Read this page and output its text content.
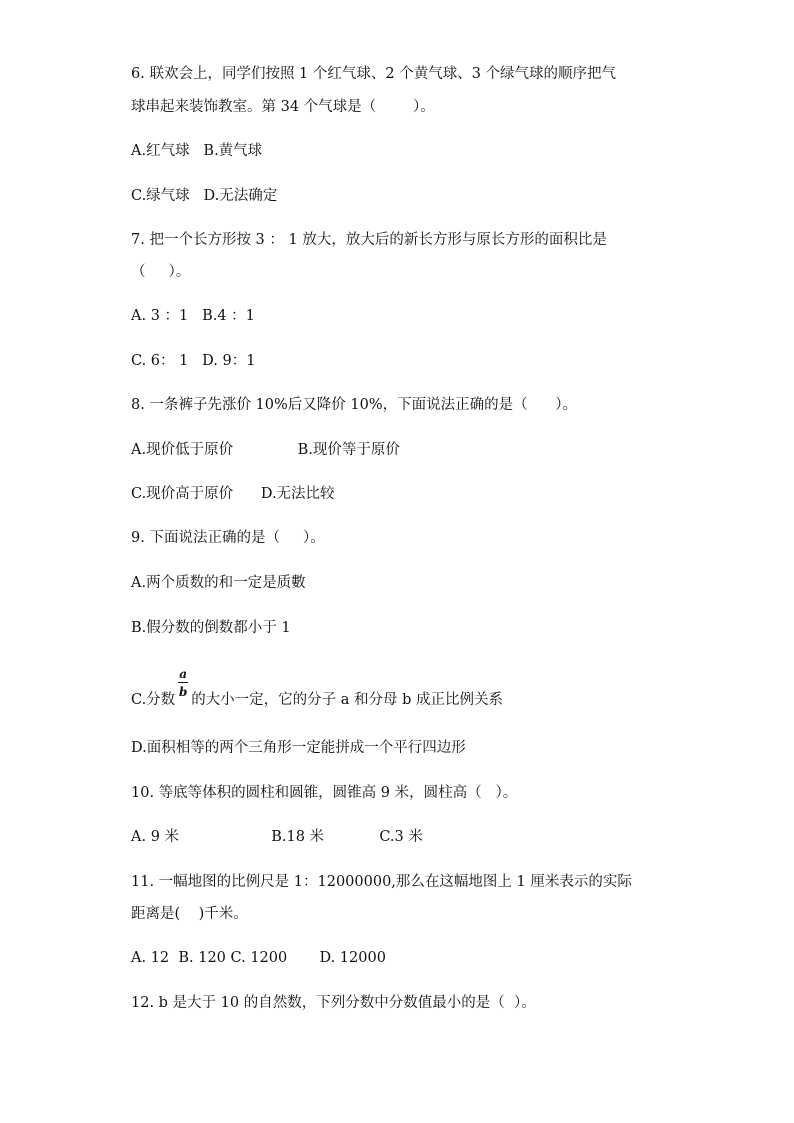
6. 联欢会上，同学们按照 1 个红气球、2 个黄气球、3 个绿气球的顺序把气

球串起来装饰教室。第 34 个气球是（        ）。

A.红气球   B.黄气球

C.绿气球   D.无法确定

7. 把一个长方形按 3 ： 1 放大，放大后的新长方形与原长方形的面积比是

（     ）。

A. 3 ：1   B.4 ：1

C. 6： 1   D. 9：1

8. 一条裤子先涨价 10%后又降价 10%，下面说法正确的是（      ）。

A.现价低于原价              B.现价等于原价

C.现价高于原价      D.无法比较

9. 下面说法正确的是（     ）。

A.两个质数的和一定是质數

B.假分数的倒数都小于 1

C.分数 $\frac{a}{b}$ 的大小一定，它的分子 a 和分母 b 成正比例关系

D.面积相等的两个三角形一定能拼成一个平行四边形

10. 等底等体积的圆柱和圆锥，圆锥高 9 米，圆柱高（   ）。

A. 9 米                    B.18 米            C.3 米

11. 一幅地图的比例尺是 1：12000000,那么在这幅地图上 1 厘米表示的实际

距离是(    )千米。

A. 12  B. 120 C. 1200       D. 12000

12. b 是大于 10 的自然数，下列分数中分数值最小的是（  ）。
